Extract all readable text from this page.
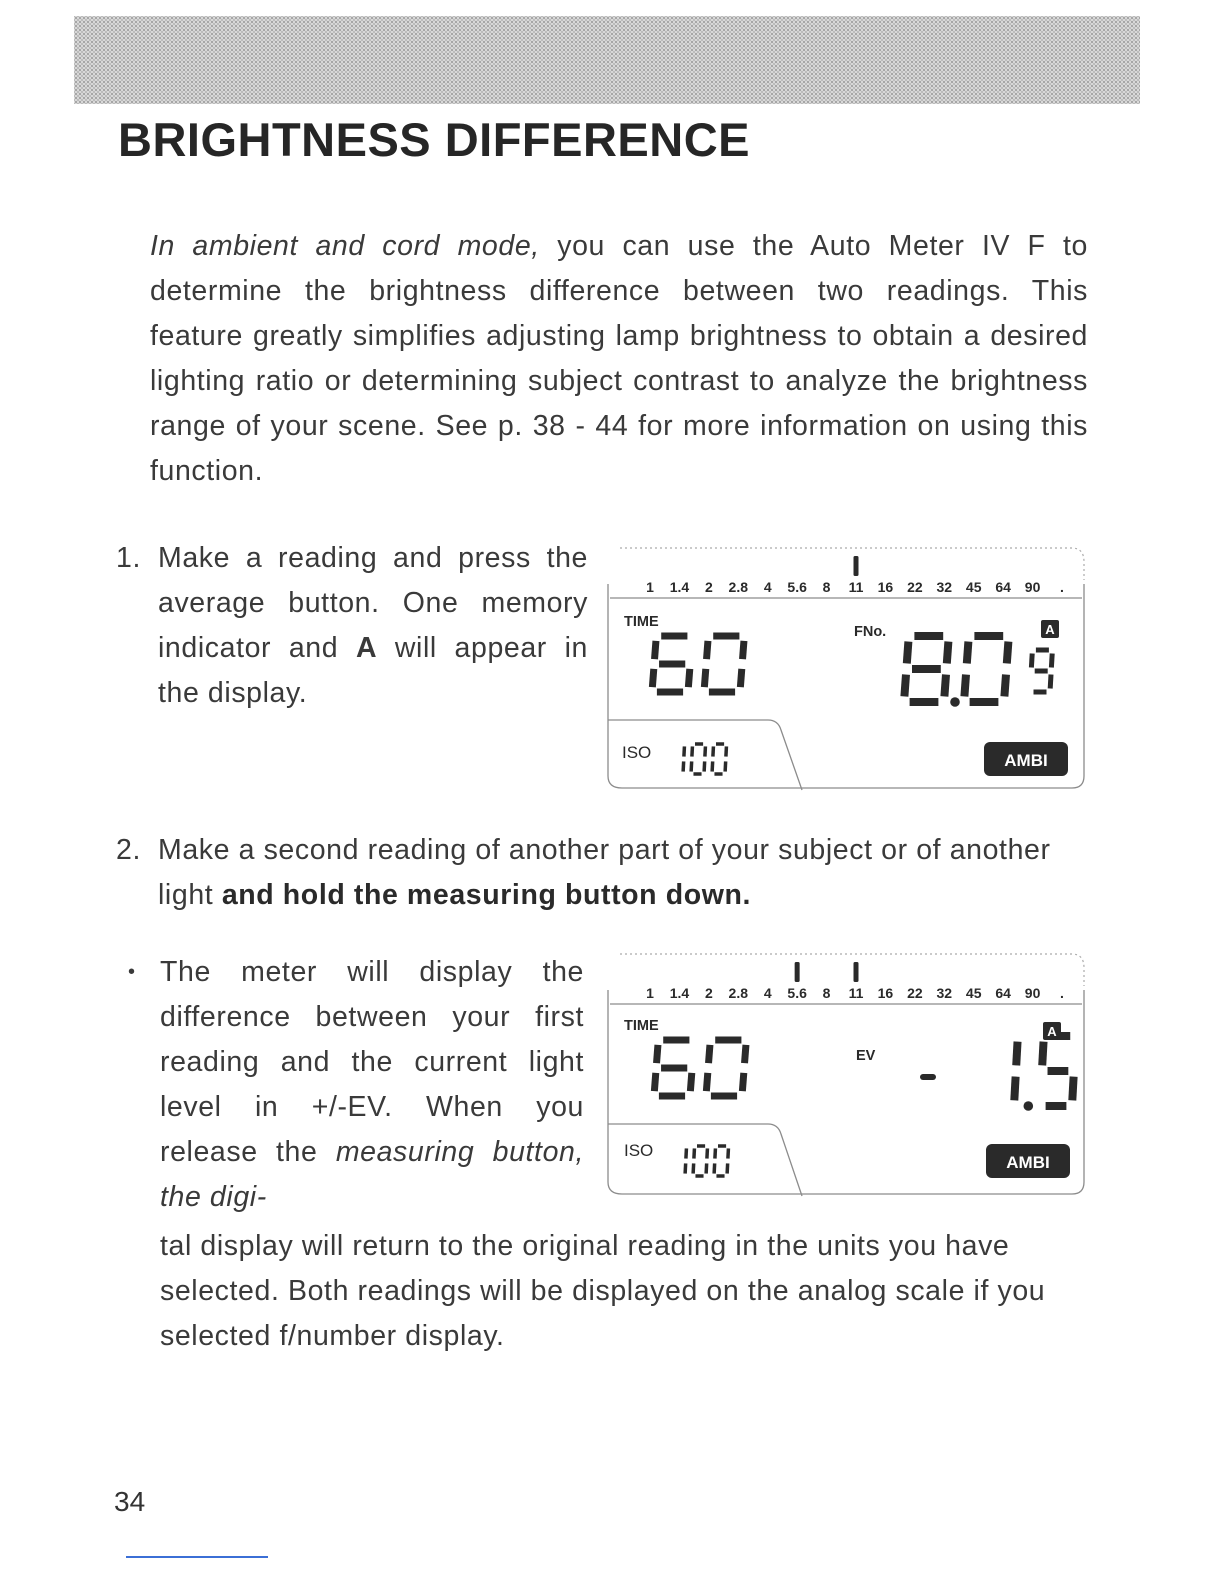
BRIGHTNESS DIFFERENCE

In ambient and cord mode, you can use the Auto Meter IV F to determine the brightness difference between two readings. This feature greatly simplifies adjusting lamp brightness to obtain a desired lighting ratio or determining subject contrast to analyze the brightness range of your scene. See p. 38 - 44 for more information on using this function.

1. Make a reading and press the average button. One memory indicator and A will appear in the display.
1 1.4 2 2.8 4 5.6 8 11 16 22 32 45 64 90 .
TIME
FNo.	A
ISO	AMBI
2. Make a second reading of another part of your subject or of another light and hold the measuring button down.
• The meter will display the difference between your first reading and the current light level in +/-EV. When you release the measuring button, the digi-
1 1.4 2 2.8 4 5.6 8 11 16 22 32 45 64 90 .
TIME
EV
A
ISO
AMBI
tal display will return to the original reading in the units you have selected. Both readings will be displayed on the analog scale if you selected f/number display.
34
